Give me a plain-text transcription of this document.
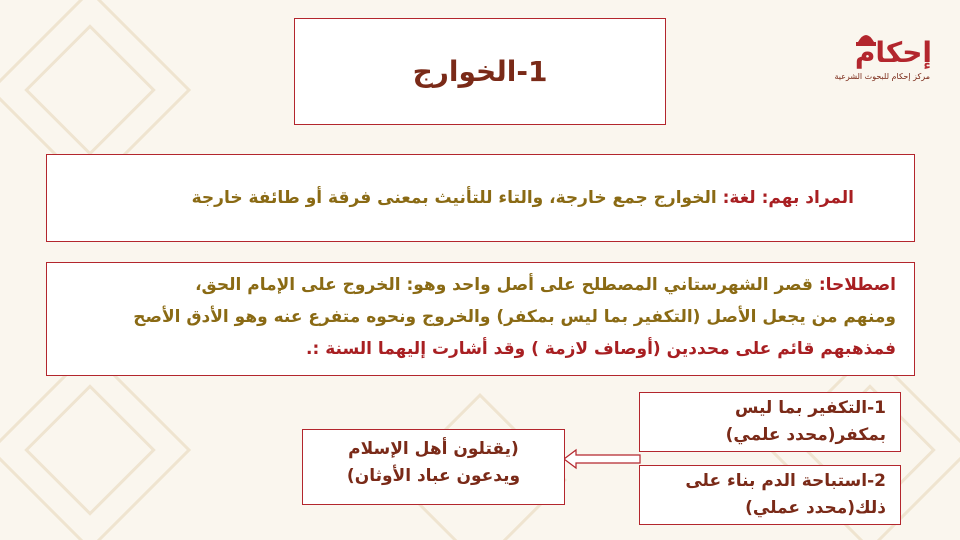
إحكام
مركز إحكام للبحوث الشرعية
1-الخوارج
المراد بهم: لغة: الخوارج جمع خارجة، والتاء للتأنيث بمعنى فرقة أو طائفة خارجة
اصطلاحا: قصر الشهرستاني المصطلح على أصل واحد وهو: الخروج على الإمام الحق،
ومنهم من يجعل الأصل (التكفير بما ليس بمكفر) والخروج ونحوه متفرع عنه وهو الأدق الأصح
فمذهبهم قائم على محددين (أوصاف لازمة ) وقد أشارت إليهما السنة :.
1-التكفير بما ليس
بمكفر(محدد علمي)
2-استباحة الدم بناء على
ذلك(محدد عملي)
(يقتلون أهل الإسلام
ويدعون عباد الأوثان)
